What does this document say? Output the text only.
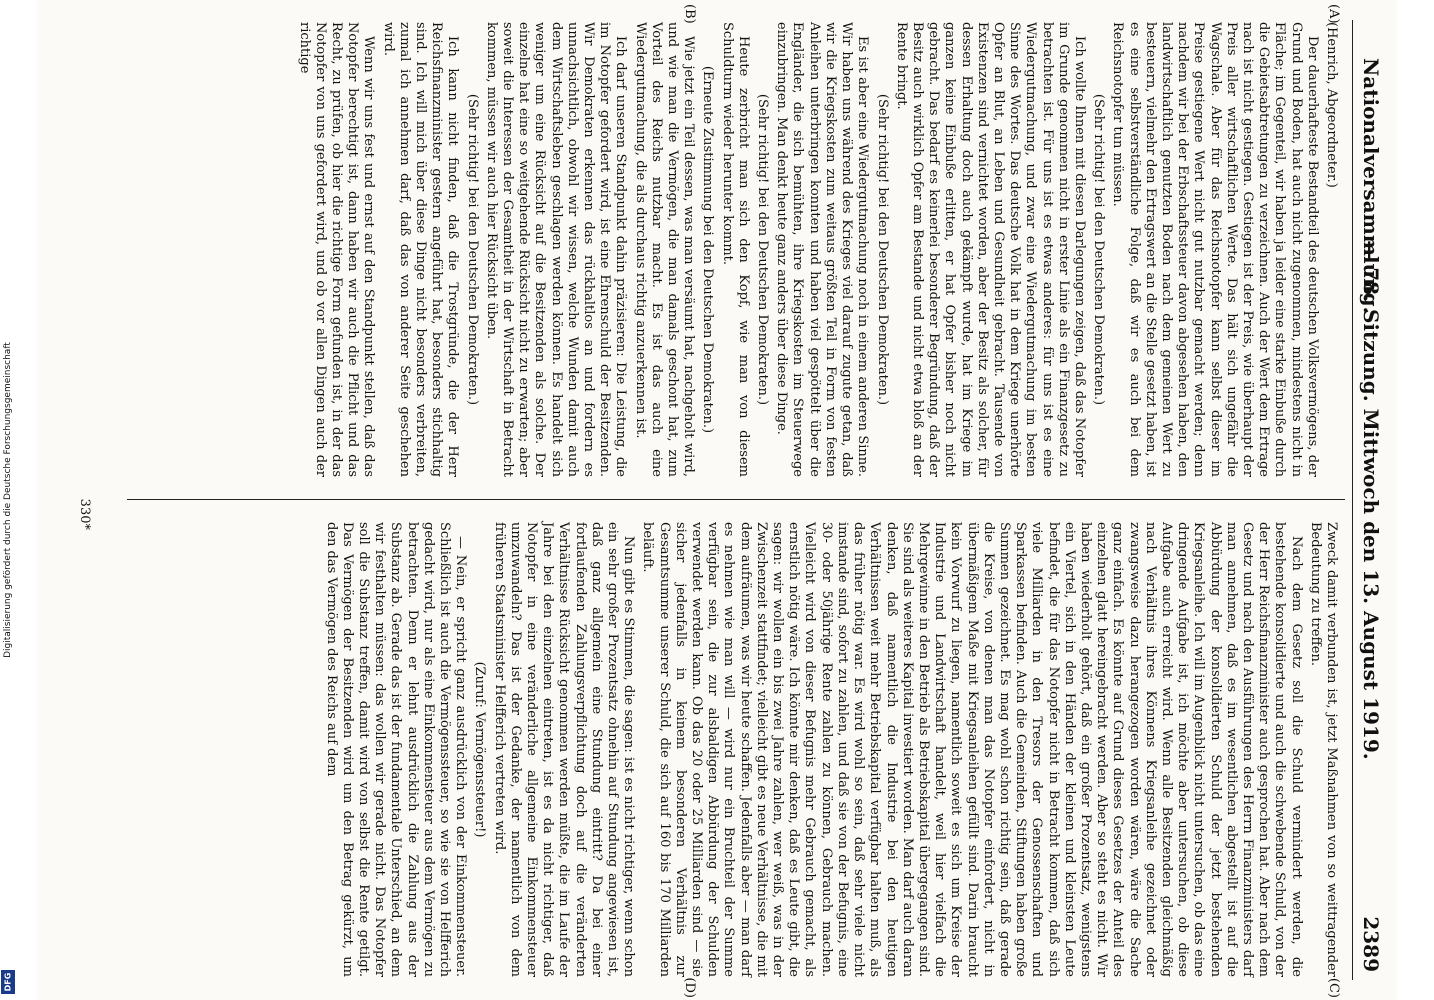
Digitalisierung gefördert durch die Deutsche Forschungsgemeinschaft
DFG
Nationalversammlung.
— 78. Sitzung. Mittwoch den 13. August 1919.
2389
(A)
(B)
(C)
(D)

(Henrich, Abgeordneter.)

Der dauerhafteste Bestandteil des deutschen Volksvermögens, der Grund und Boden, hat auch nicht zugenommen, mindestens nicht in Fläche; im Gegenteil, wir haben ja leider eine starke Einbuße durch die Gebietsabtretungen zu verzeichnen. Auch der Wert dem Ertrage nach ist nicht gestiegen. Gestiegen ist der Preis, wie überhaupt der Preis aller wirtschaftlichen Werte. Das hält sich ungefähr die Wagschale. Aber für das Reichsnotopfer kann selbst dieser im Preise gestiegene Wert nicht gut nutzbar gemacht werden; denn nachdem wir bei der Erbschaftssteuer davon abgesehen haben, den landwirtschaftlich genutzten Boden nach dem gemeinen Wert zu besteuern, vielmehr den Ertragswert an die Stelle gesetzt haben, ist es eine selbstverständliche Folge, daß wir es auch bei dem Reichsnotopfer tun müssen.

(Sehr richtig! bei den Deutschen Demokraten.)

Ich wollte Ihnen mit diesen Darlegungen zeigen, daß das Notopfer im Grunde genommen nicht in erster Linie als ein Finanzgesetz zu betrachten ist. Für uns ist es etwas anderes: für uns ist es eine Wiedergutmachung, und zwar eine Wiedergutmachung im besten Sinne des Wortes. Das deutsche Volk hat in dem Kriege unerhörte Opfer an Blut, an Leben und Gesundheit gebracht. Tausende von Existenzen sind vernichtet worden, aber der Besitz als solcher, für dessen Erhaltung doch auch gekämpft wurde, hat im Kriege im ganzen keine Einbuße erlitten, er hat Opfer bisher noch nicht gebracht. Das bedarf es keinerlei besonderer Begründung, daß der Besitz auch wirklich Opfer am Bestande und nicht etwa bloß an der Rente bringt.

(Sehr richtig! bei den Deutschen Demokraten.)

Es ist aber eine Wiedergutmachung noch in einem anderen Sinne. Wir haben uns während des Krieges viel darauf zugute getan, daß wir die Kriegskosten zum weitaus größten Teil in Form von festen Anleihen unterbringen konnten und haben viel gespöttelt über die Engländer, die sich bemühten, ihre Kriegskosten im Steuerwege einzubringen. Man denkt heute ganz anders über diese Dinge.

(Sehr richtig! bei den Deutschen Demokraten.)

Heute zerbricht man sich den Kopf, wie man von diesem Schuldturm wieder herunter kommt.

(Erneute Zustimmung bei den Deutschen Demokraten.)

Wie jetzt ein Teil dessen, was man versäumt hat, nachgeholt wird, und wie man die Vermögen, die man damals geschont hat, zum Vorteil des Reichs nutzbar macht. Es ist das auch eine Wiedergutmachung, die als durchaus richtig anzuerkennen ist.

Ich darf unseren Standpunkt dahin präzisieren: Die Leistung, die im Notopfer gefordert wird, ist eine Ehrenschuld der Besitzenden. Wir Demokraten erkennen das rückhaltlos an und fordern es unnachsichtlich, obwohl wir wissen, welche Wunden damit auch dem Wirtschaftsleben geschlagen werden können. Es handelt sich weniger um eine Rücksicht auf die Besitzenden als solche. Der einzelne hat eine so weitgehende Rücksicht nicht zu erwarten; aber soweit die Interessen der Gesamtheit in der Wirtschaft in Betracht kommen, müssen wir auch hier Rücksicht üben.

(Sehr richtig! bei den Deutschen Demokraten.)

Ich kann nicht finden, daß die Trostgründe, die der Herr Reichsfinanzminister gestern angeführt hat, besonders stichhaltig sind. Ich will mich über diese Dinge nicht besonders verbreiten, zumal ich annehmen darf, daß das von anderer Seite geschehen wird.

Wenn wir uns fest und ernst auf den Standpunkt stellen, daß das Notopfer berechtigt ist, dann haben wir auch die Pflicht und das Recht, zu prüfen, ob hier die richtige Form gefunden ist, in der das Notopfer von uns gefordert wird, und ob vor allen Dingen auch der richtige

Zweck damit verbunden ist, jetzt Maßnahmen von so weittragender Bedeutung zu treffen.

Nach dem Gesetz soll die Schuld vermindert werden, die bestehende konsolidierte und auch die schwebende Schuld, von der der Herr Reichsfinanzminister auch gesprochen hat. Aber nach dem Gesetz und nach den Ausführungen des Herrn Finanzministers darf man annehmen, daß es im wesentlichen abgestellt ist auf die Abbürdung der konsolidierten Schuld der jetzt bestehenden Kriegsanleihe. Ich will im Augenblick nicht untersuchen, ob das eine dringende Aufgabe ist, ich möchte aber untersuchen, ob diese Aufgabe auch erreicht wird. Wenn alle Besitzenden gleichmäßig nach Verhältnis ihres Könnens Kriegsanleihe gezeichnet oder zwangsweise dazu herangezogen worden wären, wäre die Sache ganz einfach. Es könnte auf Grund dieses Gesetzes der Anteil des einzelnen glatt hereingebracht werden. Aber so steht es nicht. Wir haben wiederholt gehört, daß ein großer Prozentsatz, wenigstens ein Viertel, sich in den Händen der kleinen und kleinsten Leute befindet, die für das Notopfer nicht in Betracht kommen, daß sich viele Milliarden in den Tresors der Genossenschaften und Sparkassen befinden. Auch die Gemeinden, Stiftungen haben große Summen gezeichnet. Es mag wohl schon richtig sein, daß gerade die Kreise, von denen man das Notopfer einfordert, nicht in übermäßigem Maße mit Kriegsanleihen gefüllt sind. Darin braucht kein Vorwurf zu liegen, namentlich soweit es sich um Kreise der Industrie und Landwirtschaft handelt, weil hier vielfach die Mehrgewinne in den Betrieb als Betriebskapital übergegangen sind. Sie sind als weiteres Kapital investiert worden. Man darf auch daran denken, daß namentlich die Industrie bei den heutigen Verhältnissen weit mehr Betriebskapital verfügbar halten muß, als das früher nötig war. Es wird wohl so sein, daß sehr viele nicht imstande sind, sofort zu zahlen, und daß sie von der Befugnis, eine 30- oder 50jährige Rente zahlen zu können, Gebrauch machen. Vielleicht wird von dieser Befugnis mehr Gebrauch gemacht, als ernstlich nötig wäre. Ich könnte mir denken, daß es Leute gibt, die sagen: wir wollen ein bis zwei Jahre zahlen, wer weiß, was in der Zwischenzeit stattfindet; vielleicht gibt es neue Verhältnisse, die mit dem aufräumen, was wir heute schaffen. Jedenfalls aber — man darf es nehmen wie man will — wird nur ein Bruchteil der Summe verfügbar sein, die zur alsbaldigen Abbürdung der Schulden verwendet werden kann. Ob das 20 oder 25 Milliarden sind — sie sicher jedenfalls in keinem besonderen Verhältnis zur Gesamtsumme unserer Schuld, die sich auf 160 bis 170 Milliarden beläuft.

Nun gibt es Stimmen, die sagen: ist es nicht richtiger, wenn schon ein sehr großer Prozentsatz ohnehin auf Stundung angewiesen ist, daß ganz allgemein eine Stundung eintritt? Da bei einer fortlaufenden Zahlungsverpflichtung doch auf die veränderten Verhältnisse Rücksicht genommen werden müßte, die im Laufe der Jahre bei den einzelnen eintreten, ist es da nicht richtiger, daß Notopfer in eine veränderliche allgemeine Einkommensteuer umzuwandeln? Das ist der Gedanke, der namentlich von dem früheren Staatsminister Helfferich vertreten wird.

(Zuruf: Vermögenssteuer!)

— Nein, er spricht ganz ausdrücklich von der Einkommensteuer. Schließlich ist auch die Vermögenssteuer, so wie sie von Helfferich gedacht wird, nur als eine Einkommensteuer aus dem Vermögen zu betrachten. Denn er lehnt ausdrücklich die Zahlung aus der Substanz ab. Gerade das ist der fundamentale Unterschied, an dem wir festhalten müssen: das wollen wir gerade nicht. Das Notopfer soll die Substanz treffen, damit wird von selbst die Rente getilgt. Das Vermögen der Besitzenden wird um den Betrag gekürzt, um den das Vermögen des Reichs auf dem

330*
